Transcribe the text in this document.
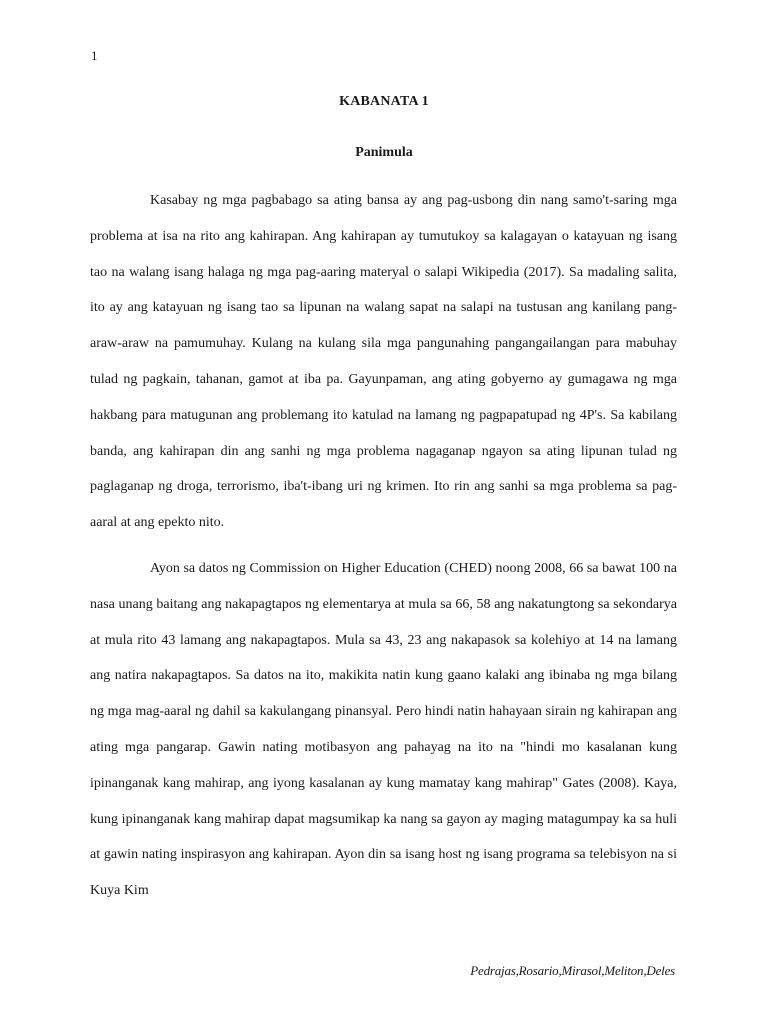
1
KABANATA 1
Panimula

Kasabay ng mga pagbabago sa ating bansa ay ang pag-usbong din nang samo't-saring mga problema at isa na rito ang kahirapan. Ang kahirapan ay tumutukoy sa kalagayan o katayuan ng isang tao na walang isang halaga ng mga pag-aaring materyal o salapi Wikipedia (2017). Sa madaling salita, ito ay ang katayuan ng isang tao sa lipunan na walang sapat na salapi na tustusan ang kanilang pang-araw-araw na pamumuhay. Kulang na kulang sila mga pangunahing pangangailangan para mabuhay tulad ng pagkain, tahanan, gamot at iba pa. Gayunpaman, ang ating gobyerno ay gumagawa ng mga hakbang para matugunan ang problemang ito katulad na lamang ng pagpapatupad ng 4P's. Sa kabilang banda, ang kahirapan din ang sanhi ng mga problema nagaganap ngayon sa ating lipunan tulad ng paglaganap ng droga, terrorismo, iba't-ibang uri ng krimen. Ito rin ang sanhi sa mga problema sa pag-aaral at ang epekto nito.

Ayon sa datos ng Commission on Higher Education (CHED) noong 2008, 66 sa bawat 100 na nasa unang baitang ang nakapagtapos ng elementarya at mula sa 66, 58 ang nakatungtong sa sekondarya at mula rito 43 lamang ang nakapagtapos. Mula sa 43, 23 ang nakapasok sa kolehiyo at 14 na lamang ang natira nakapagtapos. Sa datos na ito, makikita natin kung gaano kalaki ang ibinaba ng mga bilang ng mga mag-aaral ng dahil sa kakulangang pinansyal. Pero hindi natin hahayaan sirain ng kahirapan ang ating mga pangarap. Gawin nating motibasyon ang pahayag na ito na "hindi mo kasalanan kung ipinanganak kang mahirap, ang iyong kasalanan ay kung mamatay kang mahirap" Gates (2008). Kaya, kung ipinanganak kang mahirap dapat magsumikap ka nang sa gayon ay maging matagumpay ka sa huli at gawin nating inspirasyon ang kahirapan. Ayon din sa isang host ng isang programa sa telebisyon na si Kuya Kim

Pedrajas,Rosario,Mirasol,Meliton,Deles
